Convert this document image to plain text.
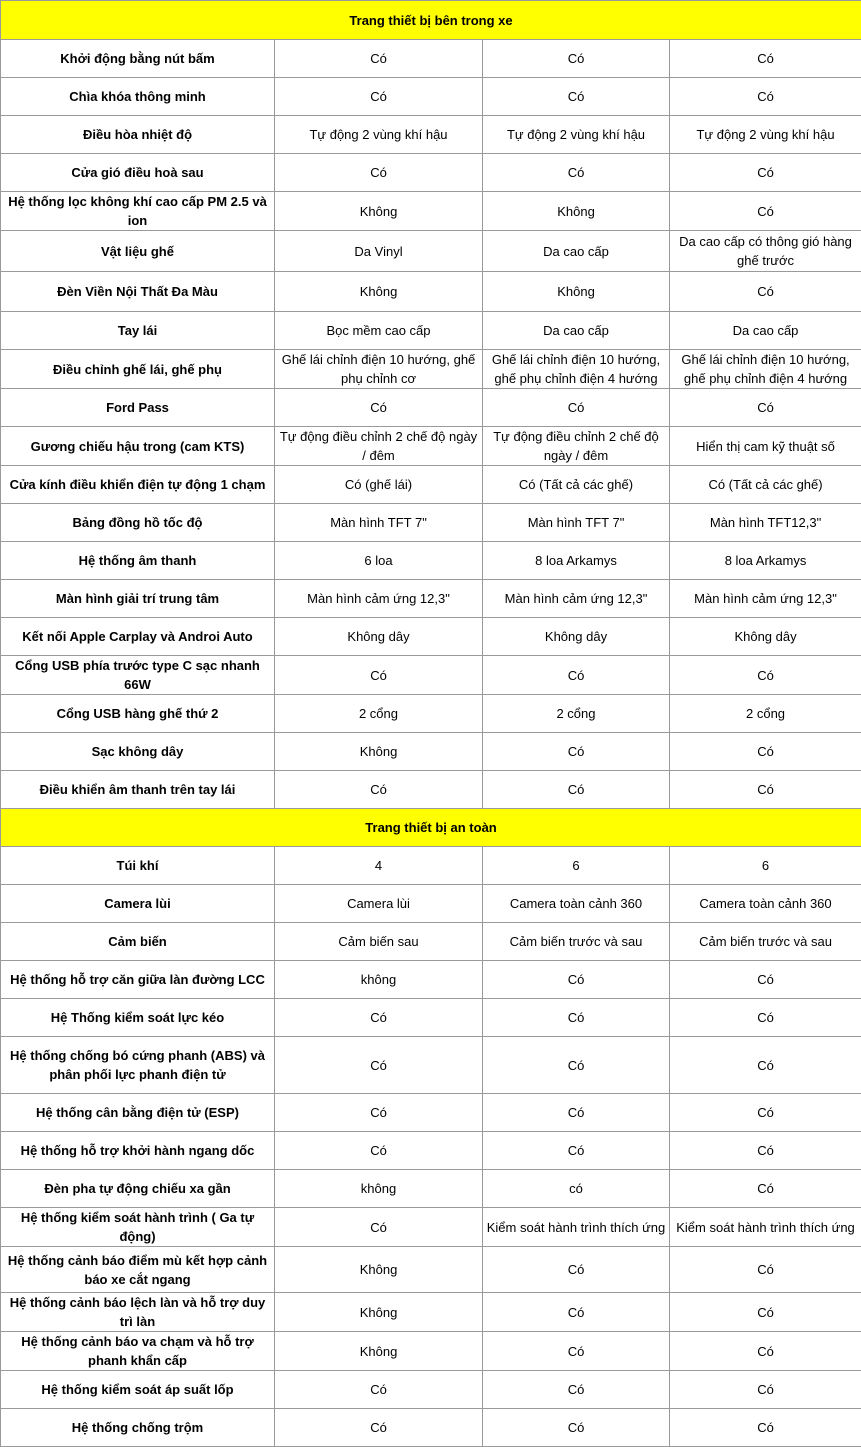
Trang thiết bị bên trong xe			
Khởi động bằng nút bấm	Có	Có	Có
Chìa khóa thông minh	Có	Có	Có
Điều hòa nhiệt độ	Tự động 2 vùng khí hậu	Tự động 2 vùng khí hậu	Tự động 2 vùng khí hậu
Cửa gió điều hoà sau	Có	Có	Có
Hệ thống lọc không khí cao cấp PM 2.5 và ion	Không	Không	Có
Vật liệu ghế	Da Vinyl	Da cao cấp	Da cao cấp có thông gió hàng ghế trước
Đèn Viền Nội Thất Đa Màu	Không	Không	Có
Tay lái	Bọc mềm cao cấp	Da cao cấp	Da cao cấp
Điều chỉnh ghế lái, ghế phụ	Ghế lái chỉnh điện 10 hướng, ghế phụ chỉnh cơ	Ghế lái chỉnh điện 10 hướng, ghế phụ chỉnh điện 4 hướng	Ghế lái chỉnh điện 10 hướng, ghế phụ chỉnh điện 4 hướng
Ford Pass	Có	Có	Có
Gương chiếu hậu trong (cam KTS)	Tự động điều chỉnh 2 chế độ ngày / đêm	Tự động điều chỉnh 2 chế độ ngày / đêm	Hiển thị cam kỹ thuật số
Cửa kính điều khiển điện tự động 1 chạm	Có (ghế lái)	Có (Tất cả các ghế)	Có (Tất cả các ghế)
Bảng đồng hồ tốc độ	Màn hình TFT 7"	Màn hình TFT 7"	Màn hình TFT12,3"
Hệ thống âm thanh	6 loa	8 loa Arkamys	8 loa Arkamys
Màn hình giải trí trung tâm	Màn hình cảm ứng 12,3"	Màn hình cảm ứng 12,3"	Màn hình cảm ứng 12,3"
Kết nối Apple Carplay và Androi Auto	Không dây	Không dây	Không dây
Cổng USB phía trước type C sạc nhanh 66W	Có	Có	Có
Cổng USB hàng ghế thứ 2	2 cổng	2 cổng	2 cổng
Sạc không dây	Không	Có	Có
Điều khiển âm thanh trên tay lái	Có	Có	Có
Trang thiết bị an toàn			
Túi khí	4	6	6
Camera lùi	Camera lùi	Camera toàn cảnh 360	Camera toàn cảnh 360
Cảm biến	Cảm biến sau	Cảm biến trước và sau	Cảm biến trước và sau
Hệ thống hỗ trợ căn giữa làn đường LCC	không	Có	Có
Hệ Thống kiểm soát lực kéo	Có	Có	Có
Hệ thống chống bó cứng phanh (ABS) và phân phối lực phanh điện tử	Có	Có	Có
Hệ thống cân bằng điện tử (ESP)	Có	Có	Có
Hệ thống hỗ trợ khởi hành ngang dốc	Có	Có	Có
Đèn pha tự động chiếu xa gần	không	có	Có
Hệ thống kiểm soát hành trình ( Ga tự động)	Có	Kiểm soát hành trình thích ứng	Kiểm soát hành trình thích ứng
Hệ thống cảnh báo điểm mù kết hợp cảnh báo xe cắt ngang	Không	Có	Có
Hệ thống cảnh báo lệch làn và hỗ trợ duy trì làn	Không	Có	Có
Hệ thống cảnh báo va chạm và hỗ trợ phanh khẩn cấp	Không	Có	Có
Hệ thống kiểm soát áp suất lốp	Có	Có	Có
Hệ thống chống trộm	Có	Có	Có
